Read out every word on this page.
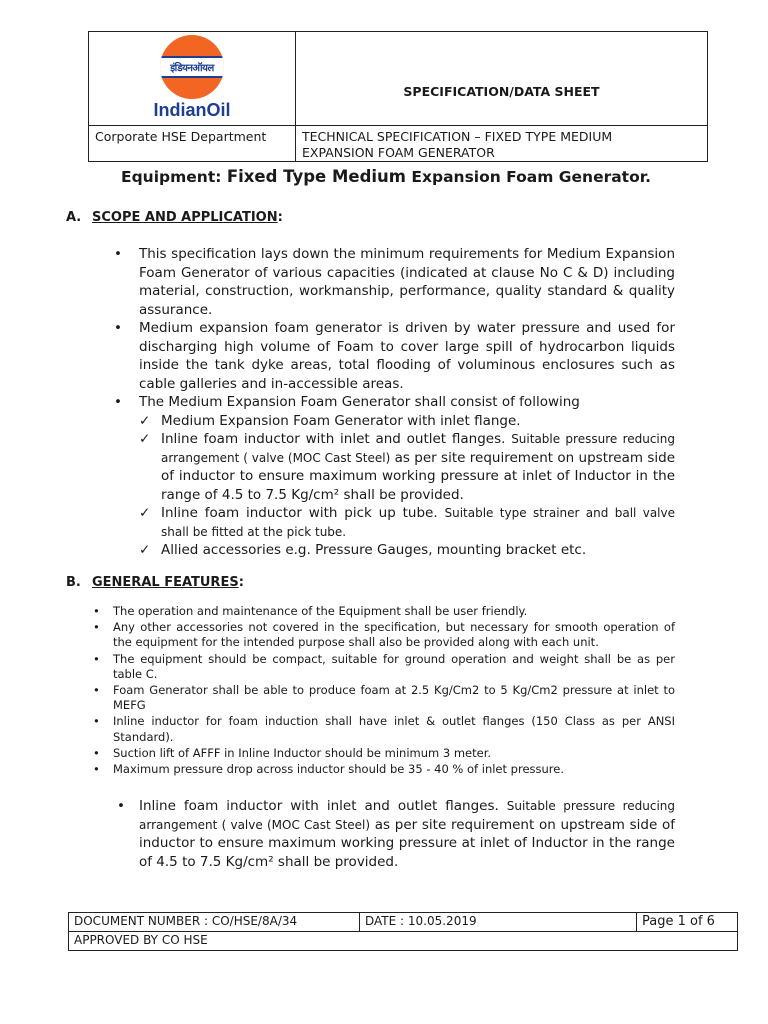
इंडियनऑयल
IndianOil	SPECIFICATION/DATA SHEET
Corporate HSE Department	TECHNICAL SPECIFICATION – FIXED TYPE MEDIUM
EXPANSION FOAM GENERATOR
Equipment: Fixed Type Medium Expansion Foam Generator.
A. SCOPE AND APPLICATION:
• This specification lays down the minimum requirements for Medium Expansion Foam Generator of various capacities (indicated at clause No C & D) including material, construction, workmanship, performance, quality standard & quality assurance.
• Medium expansion foam generator is driven by water pressure and used for discharging high volume of Foam to cover large spill of hydrocarbon liquids inside the tank dyke areas, total flooding of voluminous enclosures such as cable galleries and in-accessible areas.
• The Medium Expansion Foam Generator shall consist of following
✓ Medium Expansion Foam Generator with inlet flange.
✓ Inline foam inductor with inlet and outlet flanges. Suitable pressure reducing arrangement ( valve (MOC Cast Steel) as per site requirement on upstream side of inductor to ensure maximum working pressure at inlet of Inductor in the range of 4.5 to 7.5 Kg/cm² shall be provided.
✓ Inline foam inductor with pick up tube. Suitable type strainer and ball valve shall be fitted at the pick tube.
✓ Allied accessories e.g. Pressure Gauges, mounting bracket etc.
B. GENERAL FEATURES:
• The operation and maintenance of the Equipment shall be user friendly.
• Any other accessories not covered in the specification, but necessary for smooth operation of the equipment for the intended purpose shall also be provided along with each unit.
• The equipment should be compact, suitable for ground operation and weight shall be as per table C.
• Foam Generator shall be able to produce foam at 2.5 Kg/Cm2 to 5 Kg/Cm2 pressure at inlet to MEFG
• Inline inductor for foam induction shall have inlet & outlet flanges (150 Class as per ANSI Standard).
• Suction lift of AFFF in Inline Inductor should be minimum 3 meter.
• Maximum pressure drop across inductor should be 35 - 40 % of inlet pressure.
• Inline foam inductor with inlet and outlet flanges. Suitable pressure reducing arrangement ( valve (MOC Cast Steel) as per site requirement on upstream side of inductor to ensure maximum working pressure at inlet of Inductor in the range of 4.5 to 7.5 Kg/cm² shall be provided.
DOCUMENT NUMBER : CO/HSE/8A/34	DATE : 10.05.2019	Page 1 of 6
APPROVED BY CO HSE
